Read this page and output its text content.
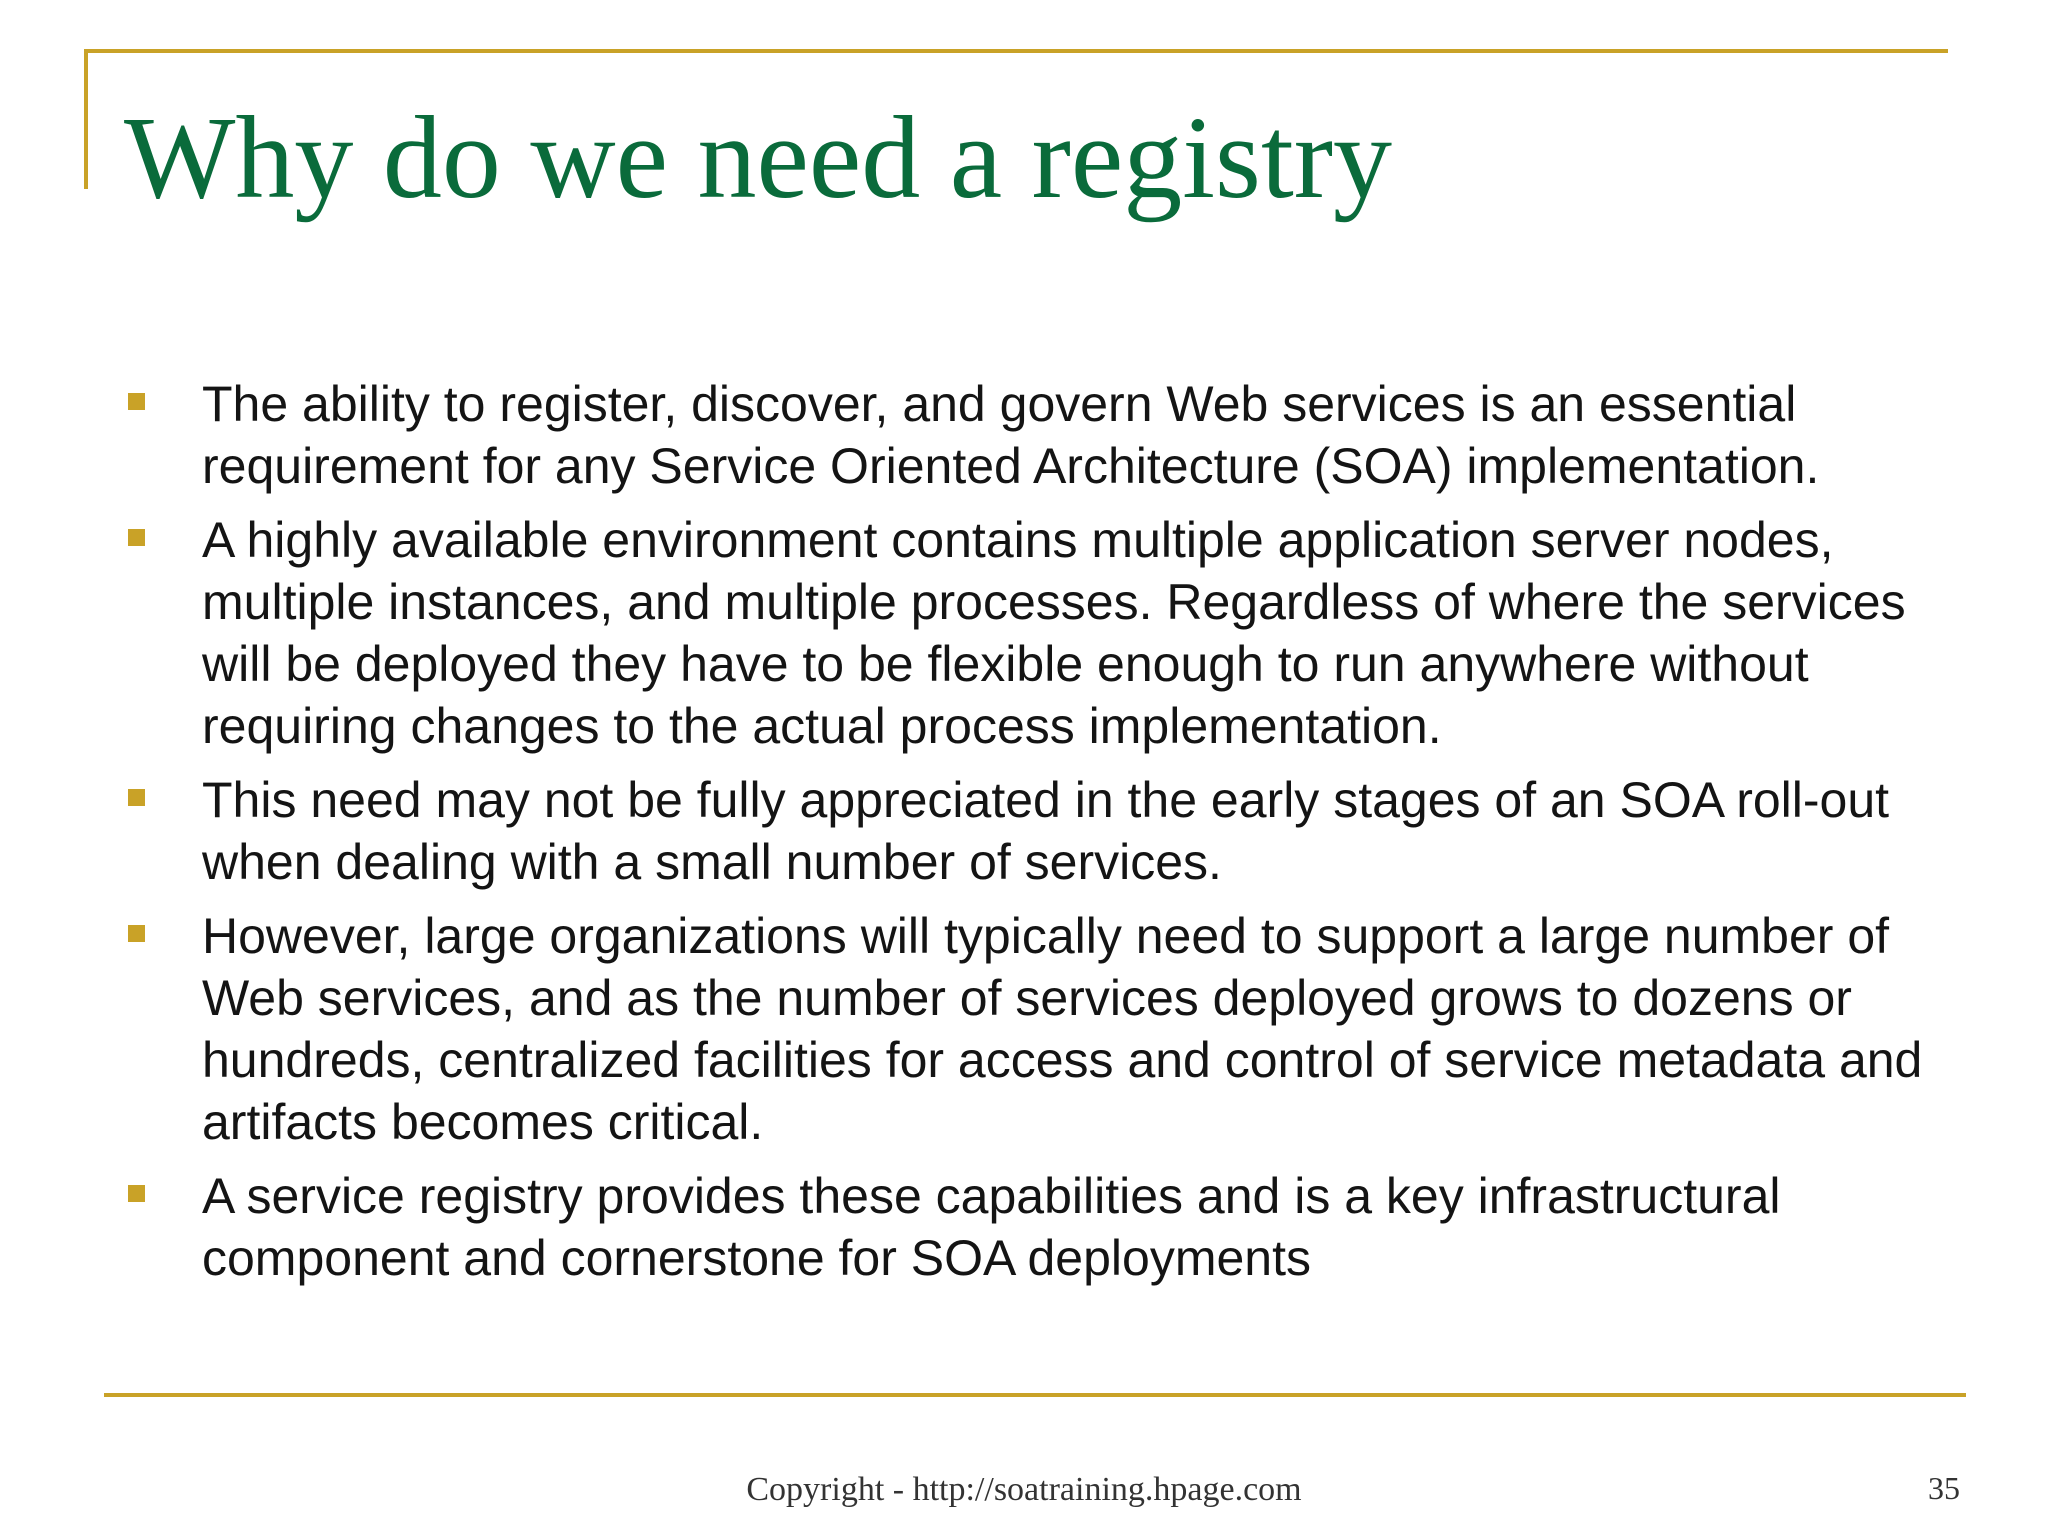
Why do we need a registry
The ability to register, discover, and govern Web services is an essential requirement for any Service Oriented Architecture (SOA) implementation.
A highly available environment contains multiple application server nodes, multiple instances, and multiple processes. Regardless of where the services will be deployed they have to be flexible enough to run anywhere without requiring changes to the actual process implementation.
This need may not be fully appreciated in the early stages of an SOA roll-out when dealing with a small number of services.
However, large organizations will typically need to support a large number of Web services, and as the number of services deployed grows to dozens or hundreds, centralized facilities for access and control of service metadata and artifacts becomes critical.
A service registry provides these capabilities and is a key infrastructural component and cornerstone for SOA deployments
Copyright - http://soatraining.hpage.com	35
